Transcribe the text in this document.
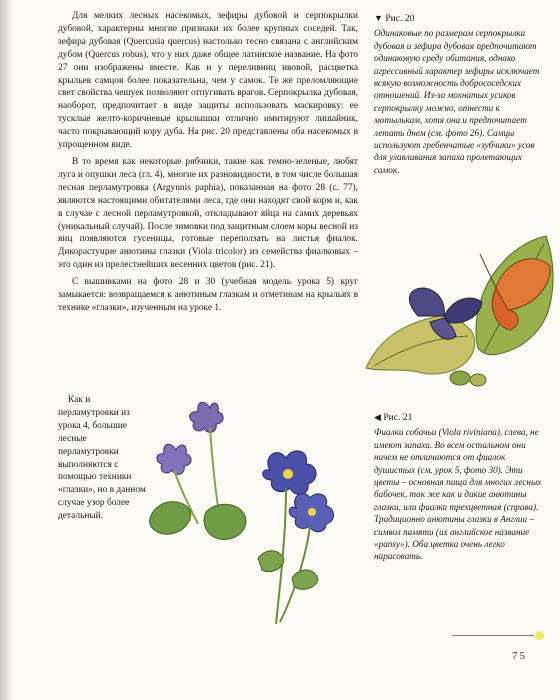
Для мелких лесных насекомых, зефиры дубовой и серпокрылки дубовой, характерны многие признаки их более крупных соседей. Так, зефира дубовая (Quercusia quercus) настолько тесно связана с английским дубом (Quercus robus), что у них даже общее латинское название. На фото 27 они изображены вместе. Как и у переливниц ивовой, расцветка крыльев самцов более показательна, чем у самок. Те же преломляющие свет свойства чешуек позволяют отпугивать врагов. Серпокрылка дубовая, наоборот, предпочитает в виде защиты использовать маскировку: ее тусклые желто-коричневые крылышки отлично имитируют лишайник, часто покрывающий кору дуба. На рис. 20 представлены оба насекомых в упрощенном виде.

В то время как некоторые рябчики, такие как темно-зеленые, любят луга и опушки леса (гл. 4), многие их разновидности, в том числе большая лесная перламутровка (Argynnis paphia), показанная на фото 28 (с. 77), являются настоящими обитателями леса, где они находят свой корм и, как в случае с лесной перламутровкой, откладывают яйца на самих деревьях (уникальный случай). После зимовки под защитным слоем коры весной из яиц появляются гусеницы, готовые переползать на листья фиалок. Дикорастущие анютины глазки (Viola tricolor) из семейства фиалковых – это один из прелестнейших весенних цветов (рис. 21).

С вышивками на фото 28 и 30 (учебная модель урока 5) круг замыкается: возвращаемся к анютиным глазкам и отметинам на крыльях в технике «глазки», изученным на уроке 1.

Как и перламутровки из урока 4, большие лесные перламутровки выполняются с помощью техники «глазки», но в данном случае узор более детальный.

▼ Рис. 20
Одинаковые по размерам серпокрылка дубовая и зефира дубовая предпочитают одинаковую среду обитания, однако агрессивный характер зефиры исключает всякую возможность добрососедских отношений. Из-за мохнатых усиков серпокрылку можно, отнести к мотылькам, хотя она и предпочитает летать днем (см. фото 26). Самцы используют гребенчатые «зубчики» усов для улавливания запаха пролетающих самок.
◀ Рис. 21
Фиалки собачьи (Viola riviniana), слева, не имеют запаха. Во всем остальном они ничем не отличаются от фиалок душистых (см. урок 5, фото 30). Эти цветы – основная пища для многих лесных бабочек, так же как и дикие анютины глазки, или фиалка трехцветная (справа). Традиционно анютины глазки в Англии – символ памяти (их английское название «pansy»). Оба цветка очень легко нарисовать.
75
